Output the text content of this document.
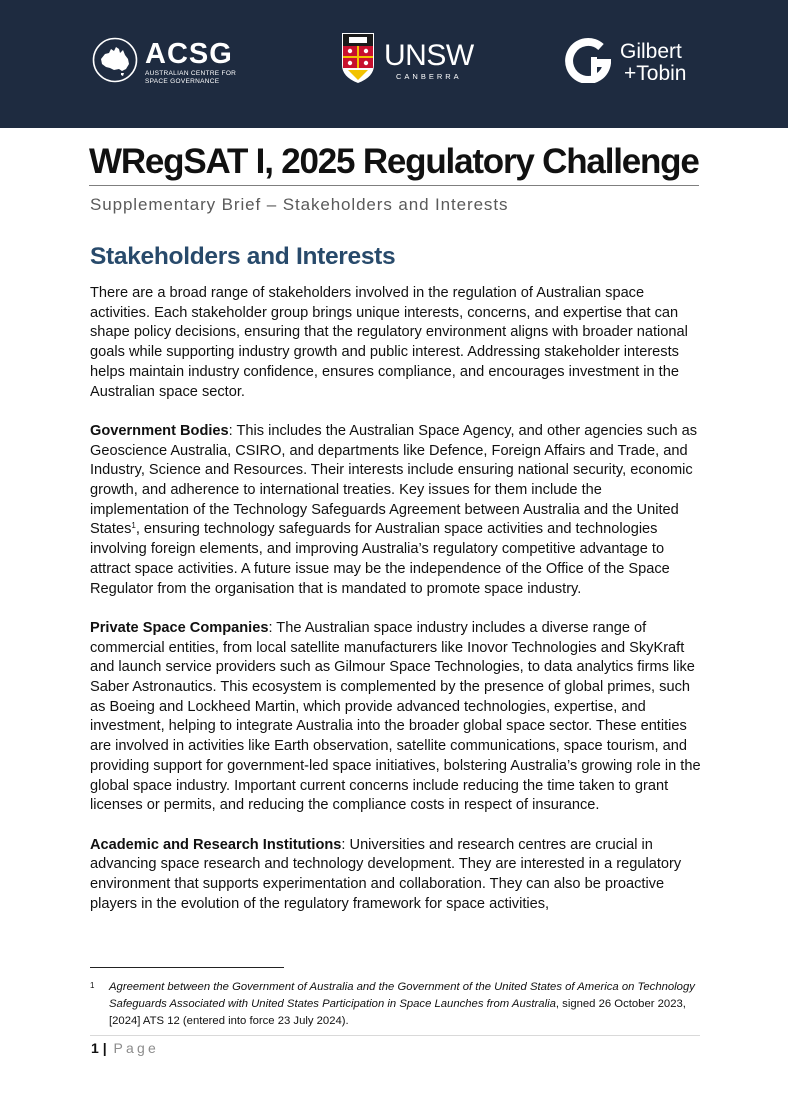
ACSG
AUSTRALIAN CENTRE FOR
SPACE GOVERNANCE
UNSW
CANBERRA
Gilbert
+Tobin
WRegSAT I, 2025 Regulatory Challenge
Supplementary Brief – Stakeholders and Interests
Stakeholders and Interests

There are a broad range of stakeholders involved in the regulation of Australian space activities. Each stakeholder group brings unique interests, concerns, and expertise that can shape policy decisions, ensuring that the regulatory environment aligns with broader national goals while supporting industry growth and public interest. Addressing stakeholder interests helps maintain industry confidence, ensures compliance, and encourages investment in the Australian space sector.

Government Bodies: This includes the Australian Space Agency, and other agencies such as Geoscience Australia, CSIRO, and departments like Defence, Foreign Affairs and Trade, and Industry, Science and Resources. Their interests include ensuring national security, economic growth, and adherence to international treaties. Key issues for them include the implementation of the Technology Safeguards Agreement between Australia and the United States$^1$, ensuring technology safeguards for Australian space activities and technologies involving foreign elements, and improving Australia’s regulatory competitive advantage to attract space activities. A future issue may be the independence of the Office of the Space Regulator from the organisation that is mandated to promote space industry.

Private Space Companies: The Australian space industry includes a diverse range of commercial entities, from local satellite manufacturers like Inovor Technologies and SkyKraft and launch service providers such as Gilmour Space Technologies, to data analytics firms like Saber Astronautics. This ecosystem is complemented by the presence of global primes, such as Boeing and Lockheed Martin, which provide advanced technologies, expertise, and investment, helping to integrate Australia into the broader global space sector. These entities are involved in activities like Earth observation, satellite communications, space tourism, and providing support for government-led space initiatives, bolstering Australia’s growing role in the global space industry. Important current concerns include reducing the time taken to grant licenses or permits, and reducing the compliance costs in respect of insurance.

Academic and Research Institutions: Universities and research centres are crucial in advancing space research and technology development. They are interested in a regulatory environment that supports experimentation and collaboration. They can also be proactive players in the evolution of the regulatory framework for space activities,

1 Agreement between the Government of Australia and the Government of the United States of America on Technology Safeguards Associated with United States Participation in Space Launches from Australia, signed 26 October 2023, [2024] ATS 12 (entered into force 23 July 2024).
1 | Page
